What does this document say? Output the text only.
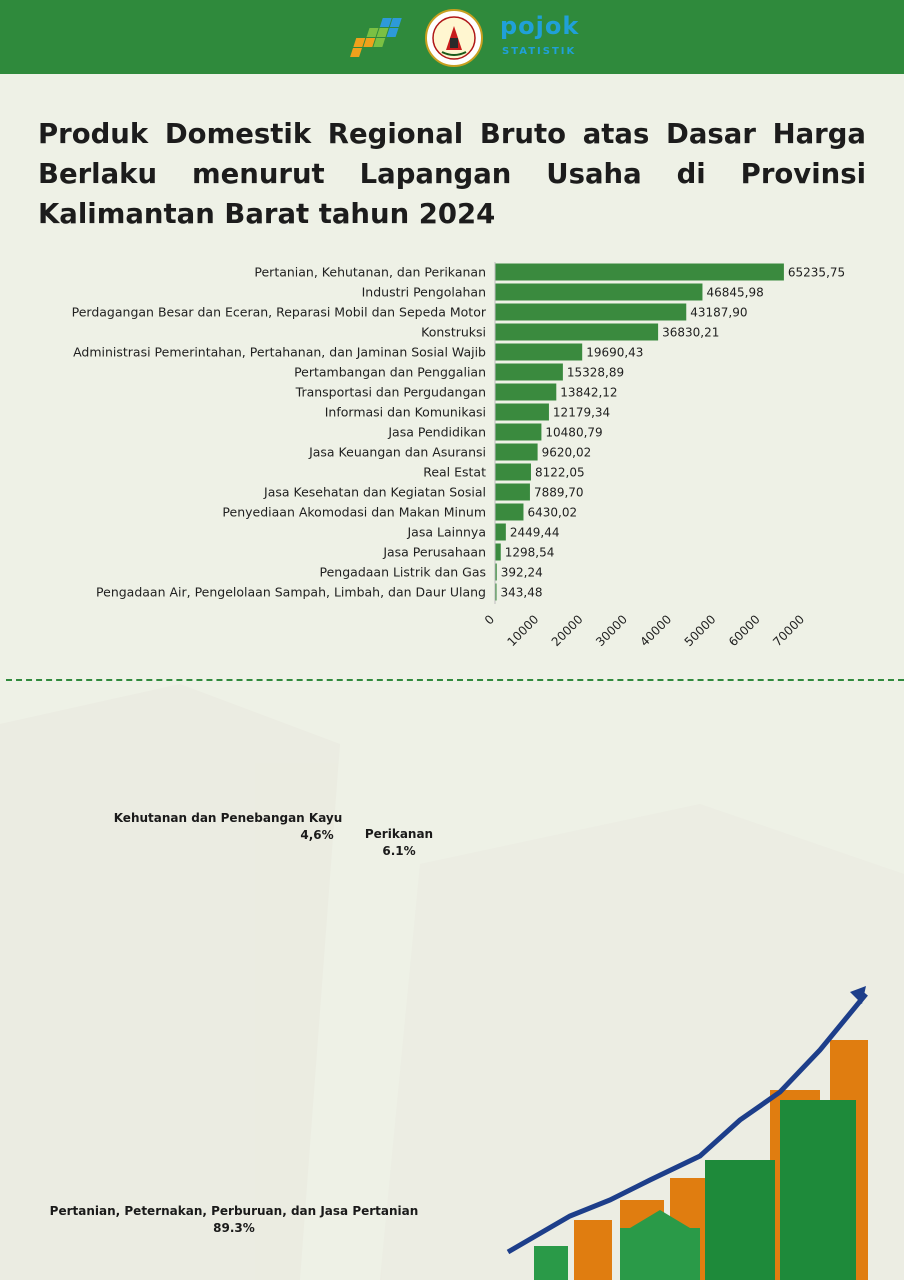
pojok
STATISTIK
Produk Domestik Regional Bruto atas Dasar Harga Berlaku menurut Lapangan Usaha di Provinsi Kalimantan Barat tahun 2024
Pertanian, Kehutanan, dan Perikanan	65235,75
Industri Pengolahan	46845,98
Perdagangan Besar dan Eceran, Reparasi Mobil dan Sepeda Motor	43187,90
Konstruksi	36830,21
Administrasi Pemerintahan, Pertahanan, dan Jaminan Sosial Wajib	19690,43
Pertambangan dan Penggalian	15328,89
Transportasi dan Pergudangan	13842,12
Informasi dan Komunikasi	12179,34
Jasa Pendidikan	10480,79
Jasa Keuangan dan Asuransi	9620,02
Real Estat	8122,05
Jasa Kesehatan dan Kegiatan Sosial	7889,70
Penyediaan Akomodasi dan Makan Minum	6430,02
Jasa Lainnya 2449,44
Jasa Perusahaan 1298,54
Pengadaan Listrik dan Gas 392,24
Pengadaan Air, Pengelolaan Sampah, Limbah, dan Daur Ulang 343,48
0 10000 20000 30000 40000 50000 60000 70000
Kehutanan dan Penebangan Kayu
4,6%	Perikanan
6.1%
Pertanian, Peternakan, Perburuan, dan Jasa Pertanian
89.3%
